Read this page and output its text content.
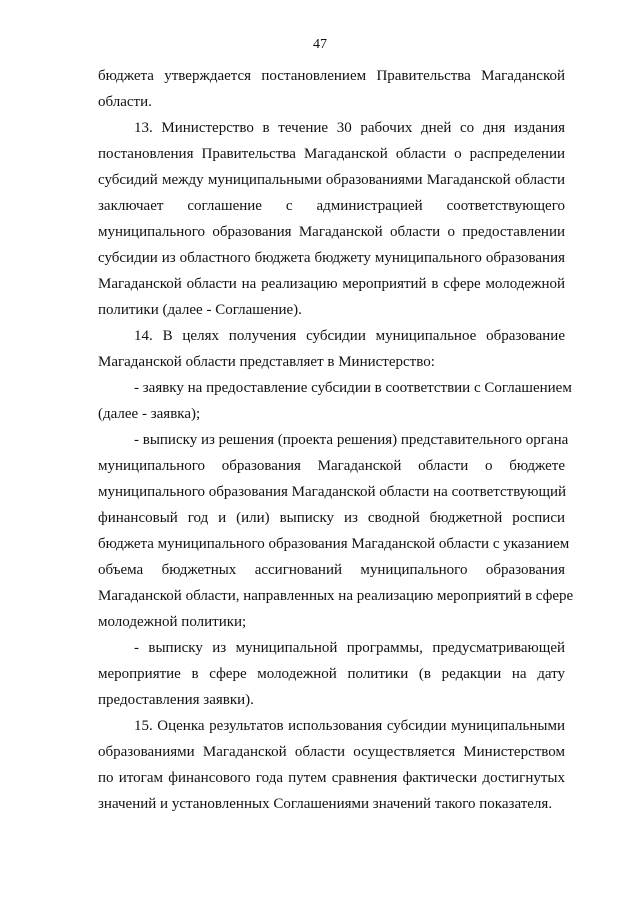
47
бюджета утверждается постановлением Правительства Магаданской
области.
13. Министерство в течение 30 рабочих дней со дня издания
постановления Правительства Магаданской области о распределении
субсидий между муниципальными образованиями Магаданской области
заключает соглашение с администрацией соответствующего
муниципального образования Магаданской области о предоставлении
субсидии из областного бюджета бюджету муниципального образования
Магаданской области на реализацию мероприятий в сфере молодежной
политики (далее - Соглашение).
14. В целях получения субсидии муниципальное образование
Магаданской области представляет в Министерство:
- заявку на предоставление субсидии в соответствии с Соглашением
(далее - заявка);
- выписку из решения (проекта решения) представительного органа
муниципального образования Магаданской области о бюджете
муниципального образования Магаданской области на соответствующий
финансовый год и (или) выписку из сводной бюджетной росписи
бюджета муниципального образования Магаданской области с указанием
объема бюджетных ассигнований муниципального образования
Магаданской области, направленных на реализацию мероприятий в сфере
молодежной политики;
- выписку из муниципальной программы, предусматривающей
мероприятие в сфере молодежной политики (в редакции на дату
предоставления заявки).
15. Оценка результатов использования субсидии муниципальными
образованиями Магаданской области осуществляется Министерством
по итогам финансового года путем сравнения фактически достигнутых
значений и установленных Соглашениями значений такого показателя.
